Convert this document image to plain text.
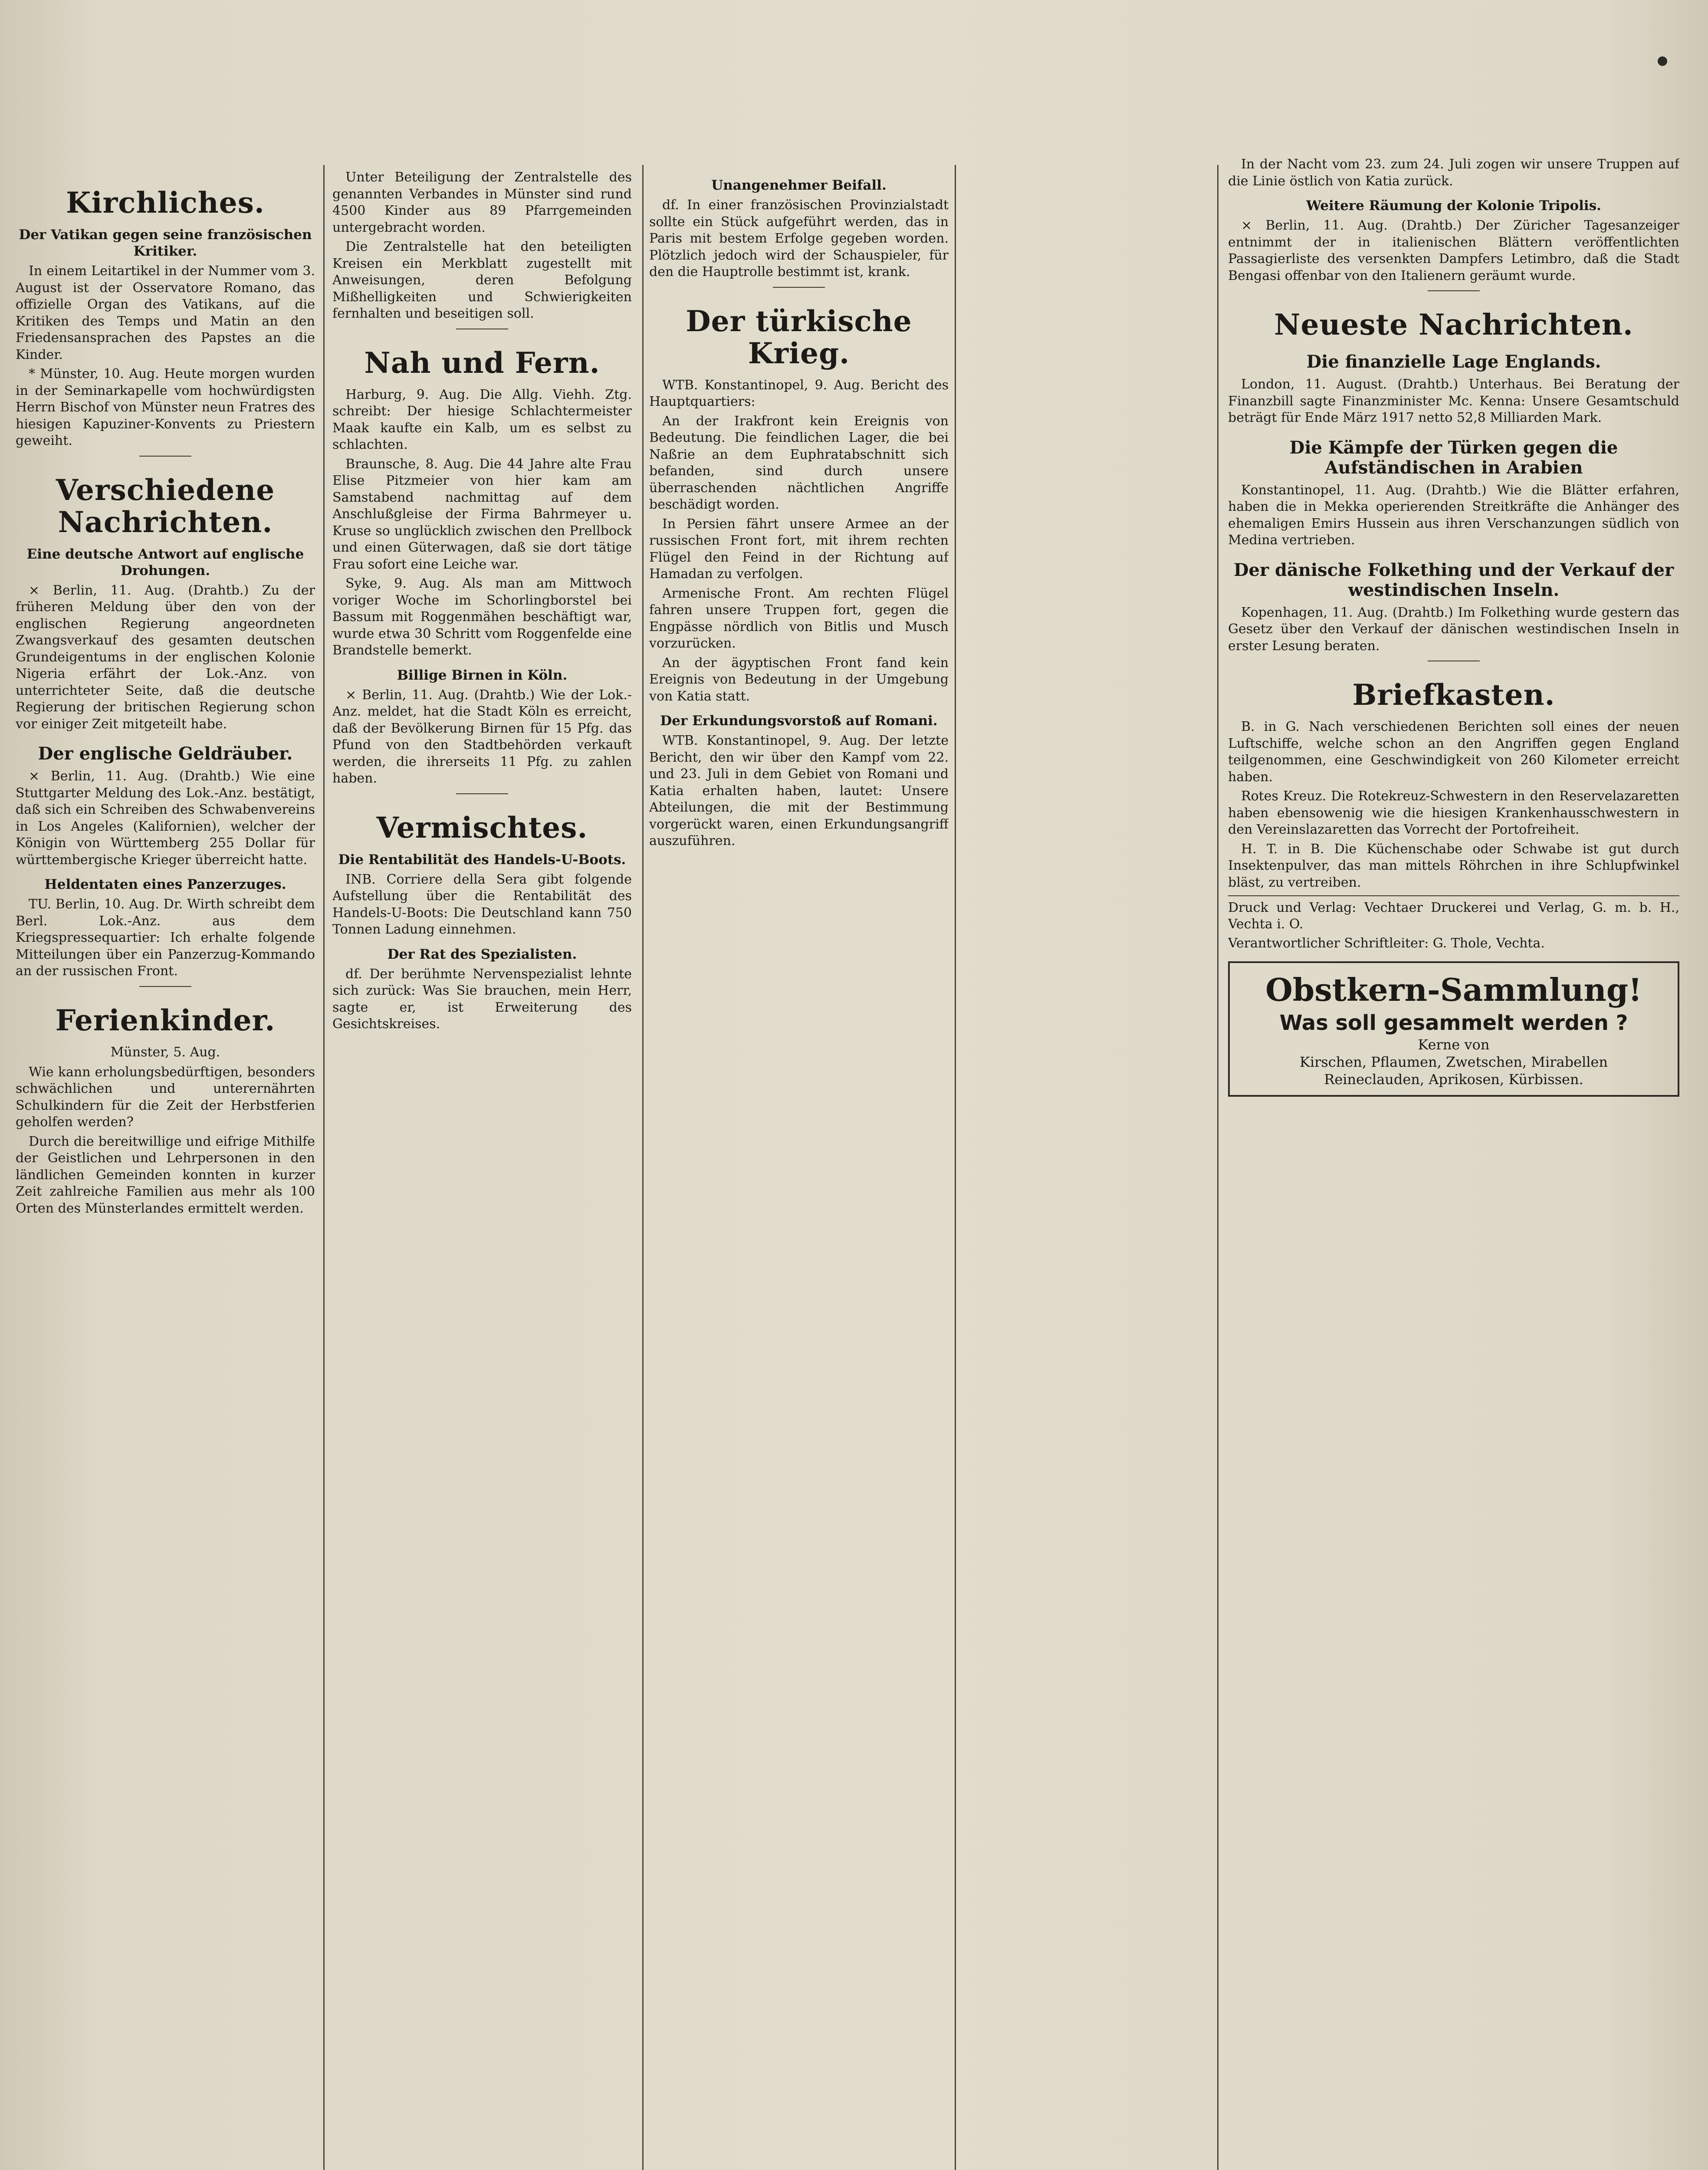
Kirchliches.
Der Vatikan gegen seine französischen Kritiker.

In einem Leitartikel in der Nummer vom 3. August ist der Osservatore Romano, das offizielle Organ des Vatikans, auf die Kritiken des Temps und Matin an den Friedensansprachen des Papstes an die Kinder.

* Münster, 10. Aug. Heute morgen wurden in der Seminarkapelle vom hochwürdigsten Herrn Bischof von Münster neun Fratres des hiesigen Kapuziner-Konvents zu Priestern geweiht.

Verschiedene Nachrichten.
Eine deutsche Antwort auf englische Drohungen.

× Berlin, 11. Aug. (Drahtb.) Zu der früheren Meldung über den von der englischen Regierung angeordneten Zwangsverkauf des gesamten deutschen Grundeigentums in der englischen Kolonie Nigeria erfährt der Lok.-Anz. von unterrichteter Seite, daß die deutsche Regierung der britischen Regierung schon vor einiger Zeit mitgeteilt habe.

Der englische Geldräuber.

× Berlin, 11. Aug. (Drahtb.) Wie eine Stuttgarter Meldung des Lok.-Anz. bestätigt, daß sich ein Schreiben des Schwabenvereins in Los Angeles (Kalifornien), welcher der Königin von Württemberg 255 Dollar für württembergische Krieger überreicht hatte.

Heldentaten eines Panzerzuges.

TU. Berlin, 10. Aug. Dr. Wirth schreibt dem Berl. Lok.-Anz. aus dem Kriegspressequartier: Ich erhalte folgende Mitteilungen über ein Panzerzug-Kommando an der russischen Front.

Ferienkinder.

Münster, 5. Aug.

Wie kann erholungsbedürftigen, besonders schwächlichen und unterernährten Schulkindern für die Zeit der Herbstferien geholfen werden?

Durch die bereitwillige und eifrige Mithilfe der Geistlichen und Lehrpersonen in den ländlichen Gemeinden konnten in kurzer Zeit zahlreiche Familien aus mehr als 100 Orten des Münsterlandes ermittelt werden.

Unter Beteiligung der Zentralstelle des genannten Verbandes in Münster sind rund 4500 Kinder aus 89 Pfarrgemeinden untergebracht worden.

Die Zentralstelle hat den beteiligten Kreisen ein Merkblatt zugestellt mit Anweisungen, deren Befolgung Mißhelligkeiten und Schwierigkeiten fernhalten und beseitigen soll.

Nah und Fern.

Harburg, 9. Aug. Die Allg. Viehh. Ztg. schreibt: Der hiesige Schlachtermeister Maak kaufte ein Kalb, um es selbst zu schlachten.

Braunsche, 8. Aug. Die 44 Jahre alte Frau Elise Pitzmeier von hier kam am Samstabend nachmittag auf dem Anschlußgleise der Firma Bahrmeyer u. Kruse so unglücklich zwischen den Prellbock und einen Güterwagen, daß sie dort tätige Frau sofort eine Leiche war.

Syke, 9. Aug. Als man am Mittwoch voriger Woche im Schorlingborstel bei Bassum mit Roggenmähen beschäftigt war, wurde etwa 30 Schritt vom Roggenfelde eine Brandstelle bemerkt.

Billige Birnen in Köln.

× Berlin, 11. Aug. (Drahtb.) Wie der Lok.-Anz. meldet, hat die Stadt Köln es erreicht, daß der Bevölkerung Birnen für 15 Pfg. das Pfund von den Stadtbehörden verkauft werden, die ihrerseits 11 Pfg. zu zahlen haben.

Vermischtes.
Die Rentabilität des Handels-U-Boots.

INB. Corriere della Sera gibt folgende Aufstellung über die Rentabilität des Handels-U-Boots: Die Deutschland kann 750 Tonnen Ladung einnehmen.

Der Rat des Spezialisten.

df. Der berühmte Nervenspezialist lehnte sich zurück: Was Sie brauchen, mein Herr, sagte er, ist Erweiterung des Gesichtskreises.

Unangenehmer Beifall.

df. In einer französischen Provinzialstadt sollte ein Stück aufgeführt werden, das in Paris mit bestem Erfolge gegeben worden. Plötzlich jedoch wird der Schauspieler, für den die Hauptrolle bestimmt ist, krank.

Der türkische Krieg.

WTB. Konstantinopel, 9. Aug. Bericht des Hauptquartiers:

An der Irakfront kein Ereignis von Bedeutung. Die feindlichen Lager, die bei Naßrie an dem Euphratabschnitt sich befanden, sind durch unsere überraschenden nächtlichen Angriffe beschädigt worden.

In Persien fährt unsere Armee an der russischen Front fort, mit ihrem rechten Flügel den Feind in der Richtung auf Hamadan zu verfolgen.

Armenische Front. Am rechten Flügel fahren unsere Truppen fort, gegen die Engpässe nördlich von Bitlis und Musch vorzurücken.

An der ägyptischen Front fand kein Ereignis von Bedeutung in der Umgebung von Katia statt.

Der Erkundungsvorstoß auf Romani.

WTB. Konstantinopel, 9. Aug. Der letzte Bericht, den wir über den Kampf vom 22. und 23. Juli in dem Gebiet von Romani und Katia erhalten haben, lautet: Unsere Abteilungen, die mit der Bestimmung vorgerückt waren, einen Erkundungsangriff auszuführen.

In der Nacht vom 23. zum 24. Juli zogen wir unsere Truppen auf die Linie östlich von Katia zurück.

Weitere Räumung der Kolonie Tripolis.

× Berlin, 11. Aug. (Drahtb.) Der Züricher Tagesanzeiger entnimmt der in italienischen Blättern veröffentlichten Passagierliste des versenkten Dampfers Letimbro, daß die Stadt Bengasi offenbar von den Italienern geräumt wurde.

Neueste Nachrichten.
Die finanzielle Lage Englands.

London, 11. August. (Drahtb.) Unterhaus. Bei Beratung der Finanzbill sagte Finanzminister Mc. Kenna: Unsere Gesamtschuld beträgt für Ende März 1917 netto 52,8 Milliarden Mark.

Die Kämpfe der Türken gegen die Aufständischen in Arabien

Konstantinopel, 11. Aug. (Drahtb.) Wie die Blätter erfahren, haben die in Mekka operierenden Streitkräfte die Anhänger des ehemaligen Emirs Hussein aus ihren Verschanzungen südlich von Medina vertrieben.

Der dänische Folkething und der Verkauf der westindischen Inseln.

Kopenhagen, 11. Aug. (Drahtb.) Im Folkething wurde gestern das Gesetz über den Verkauf der dänischen westindischen Inseln in erster Lesung beraten.

Briefkasten.

B. in G. Nach verschiedenen Berichten soll eines der neuen Luftschiffe, welche schon an den Angriffen gegen England teilgenommen, eine Geschwindigkeit von 260 Kilometer erreicht haben.

Rotes Kreuz. Die Rotekreuz-Schwestern in den Reservelazaretten haben ebensowenig wie die hiesigen Krankenhausschwestern in den Vereinslazaretten das Vorrecht der Portofreiheit.

H. T. in B. Die Küchenschabe oder Schwabe ist gut durch Insektenpulver, das man mittels Röhrchen in ihre Schlupfwinkel bläst, zu vertreiben.

Druck und Verlag: Vechtaer Druckerei und Verlag, G. m. b. H., Vechta i. O.

Verantwortlicher Schriftleiter: G. Thole, Vechta.

Obstkern-Sammlung!
Was soll gesammelt werden ?
Kerne von
Kirschen, Pflaumen, Zwetschen, Mirabellen
Reineclauden, Aprikosen, Kürbissen.
